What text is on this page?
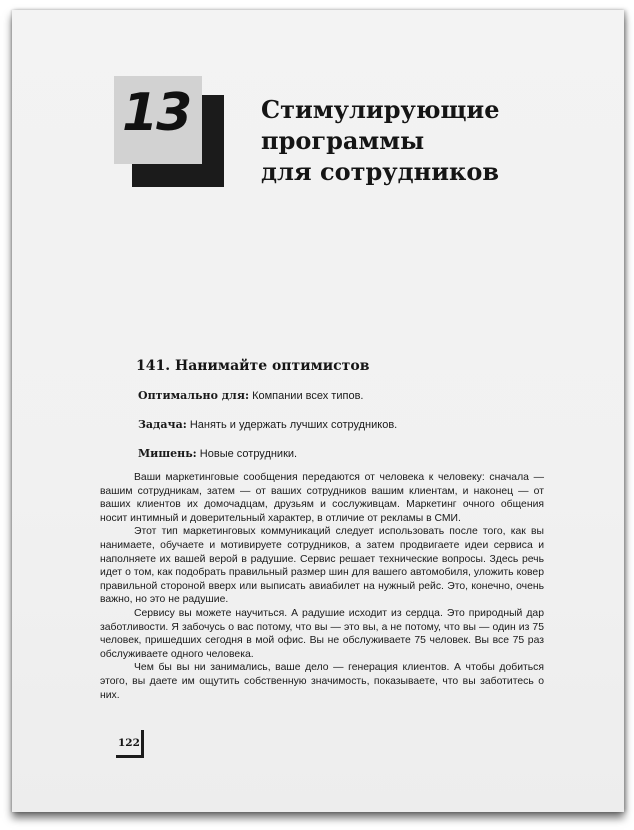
13	Стимулирующие
программы
для сотрудников
141. Нанимайте оптимистов
Оптимально для: Компании всех типов.
Задача: Нанять и удержать лучших сотрудников.
Мишень: Новые сотрудники.

Ваши маркетинговые сообщения передаются от человека к человеку: сначала — вашим сотрудникам, затем — от ваших сотрудников вашим клиентам, и наконец — от ваших клиентов их домочадцам, друзьям и сослуживцам. Маркетинг очного общения носит интимный и доверительный характер, в отличие от рекламы в СМИ.

Этот тип маркетинговых коммуникаций следует использовать после того, как вы нанимаете, обучаете и мотивируете сотрудников, а затем продвигаете идеи сервиса и наполняете их вашей верой в радушие. Сервис решает технические вопросы. Здесь речь идет о том, как подобрать правильный размер шин для вашего автомобиля, уложить ковер правильной стороной вверх или выписать авиабилет на нужный рейс. Это, конечно, очень важно, но это не радушие.

Сервису вы можете научиться. А радушие исходит из сердца. Это природный дар заботливости. Я забочусь о вас потому, что вы — это вы, а не потому, что вы — один из 75 человек, пришедших сегодня в мой офис. Вы не обслуживаете 75 человек. Вы все 75 раз обслуживаете одного человека.

Чем бы вы ни занимались, ваше дело — генерация клиентов. А чтобы добиться этого, вы даете им ощутить собственную значимость, показываете, что вы заботитесь о них.

122
